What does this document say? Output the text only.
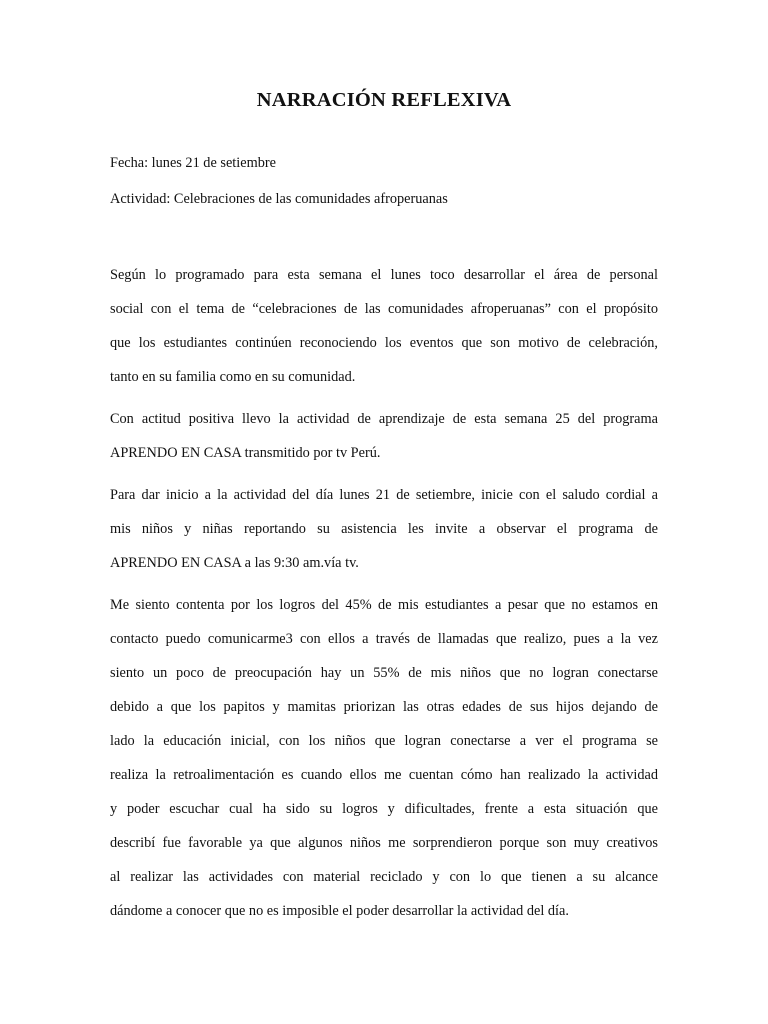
NARRACIÓN REFLEXIVA
Fecha: lunes 21 de setiembre
Actividad: Celebraciones de las comunidades afroperuanas
Según lo programado para esta semana el lunes toco desarrollar el área de personal
social con el tema de “celebraciones de las comunidades afroperuanas” con el propósito
que los estudiantes continúen reconociendo los eventos que son motivo de celebración,
tanto en su familia como en su comunidad.
Con actitud positiva llevo la actividad de aprendizaje de esta semana 25 del programa
APRENDO EN CASA transmitido por tv Perú.
Para dar inicio a la actividad del día lunes 21 de setiembre, inicie con el saludo cordial a
mis niños y niñas reportando su asistencia les invite a observar el programa de
APRENDO EN CASA a las 9:30 am.vía tv.
Me siento contenta por los logros del 45% de mis estudiantes a pesar que no estamos en
contacto puedo comunicarme3 con ellos a través de llamadas que realizo, pues a la vez
siento un poco de preocupación hay un 55% de mis niños que no logran conectarse
debido a que los papitos y mamitas priorizan las otras edades de sus hijos dejando de
lado la educación inicial, con los niños que logran conectarse a ver el programa se
realiza la retroalimentación es cuando ellos me cuentan cómo han realizado la actividad
y poder escuchar cual ha sido su logros y dificultades, frente a esta situación que
describí fue favorable ya que algunos niños me sorprendieron porque son muy creativos
al realizar las actividades con material reciclado y con lo que tienen a su alcance
dándome a conocer que no es imposible el poder desarrollar la actividad del día.
